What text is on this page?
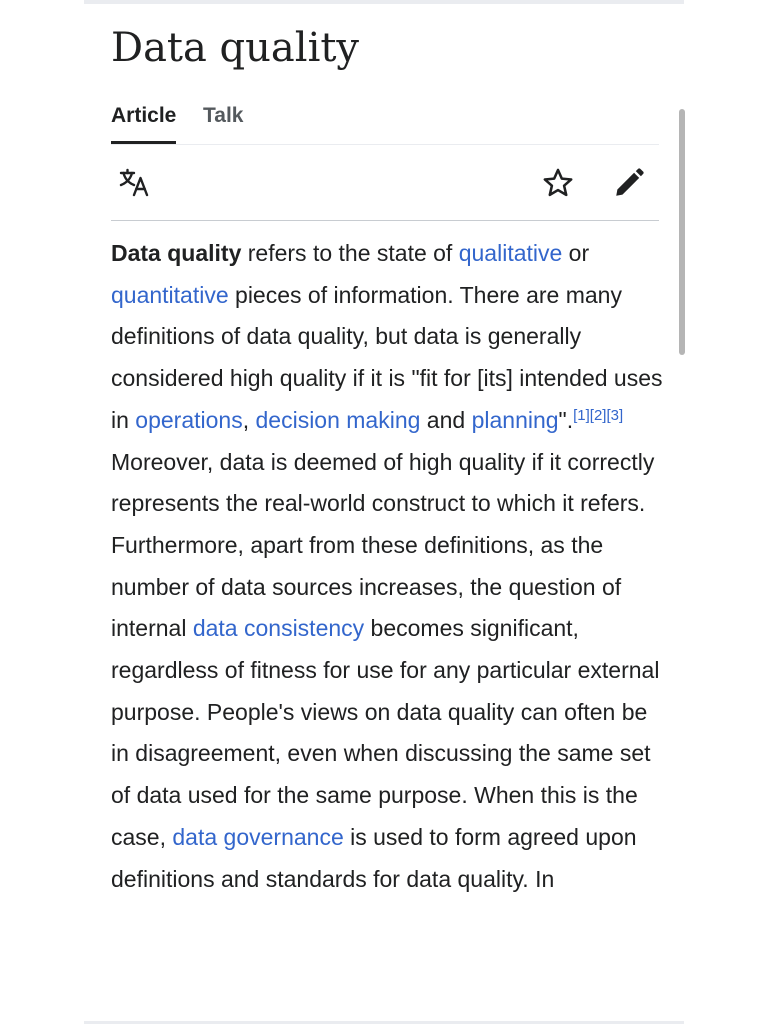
Data quality
Article Talk

Data quality refers to the state of qualitative or quantitative pieces of information. There are many definitions of data quality, but data is generally considered high quality if it is "fit for [its] intended uses in operations, decision making and planning".[1][2][3] Moreover, data is deemed of high quality if it correctly represents the real-world construct to which it refers. Furthermore, apart from these definitions, as the number of data sources increases, the question of internal data consistency becomes significant, regardless of fitness for use for any particular external purpose. People's views on data quality can often be in disagreement, even when discussing the same set of data used for the same purpose. When this is the case, data governance is used to form agreed upon definitions and standards for data quality. In
